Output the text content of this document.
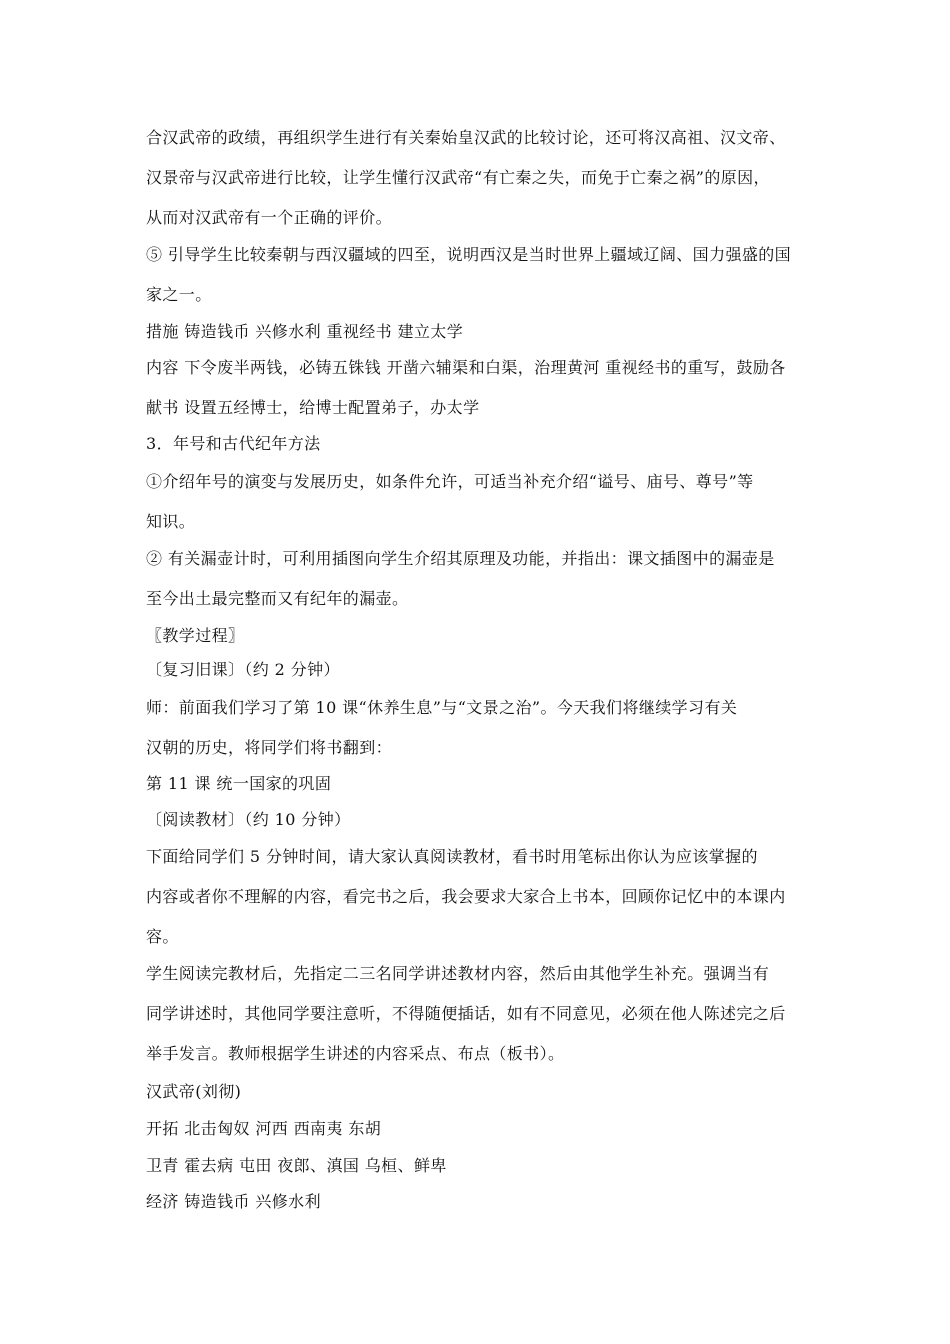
合汉武帝的政绩，再组织学生进行有关秦始皇汉武的比较讨论，还可将汉高祖、汉文帝、
汉景帝与汉武帝进行比较，让学生懂行汉武帝“有亡秦之失，而免于亡秦之祸”的原因，
从而对汉武帝有一个正确的评价。
⑤ 引导学生比较秦朝与西汉疆域的四至，说明西汉是当时世界上疆域辽阔、国力强盛的国
家之一。
措施 铸造钱币 兴修水利 重视经书 建立太学
内容 下令废半两钱，必铸五铢钱 开凿六辅渠和白渠，治理黄河 重视经书的重写，鼓励各
献书 设置五经博士，给博士配置弟子，办太学
3．年号和古代纪年方法
①介绍年号的演变与发展历史，如条件允许，可适当补充介绍“谥号、庙号、尊号”等
知识。
② 有关漏壶计时，可利用插图向学生介绍其原理及功能，并指出：课文插图中的漏壶是
至今出土最完整而又有纪年的漏壶。
〖教学过程〗
〔复习旧课〕（约 2 分钟）
师：前面我们学习了第 10 课“休养生息”与“文景之治”。今天我们将继续学习有关
汉朝的历史，将同学们将书翻到：
第 11 课 统一国家的巩固
〔阅读教材〕（约 10 分钟）
下面给同学们 5 分钟时间，请大家认真阅读教材，看书时用笔标出你认为应该掌握的
内容或者你不理解的内容，看完书之后，我会要求大家合上书本，回顾你记忆中的本课内
容。
学生阅读完教材后，先指定二三名同学讲述教材内容，然后由其他学生补充。强调当有
同学讲述时，其他同学要注意听，不得随便插话，如有不同意见，必须在他人陈述完之后
举手发言。教师根据学生讲述的内容采点、布点（板书）。
汉武帝(刘彻)
开拓 北击匈奴 河西 西南夷 东胡
卫青 霍去病 屯田 夜郎、滇国 乌桓、鲜卑
经济 铸造钱币 兴修水利
